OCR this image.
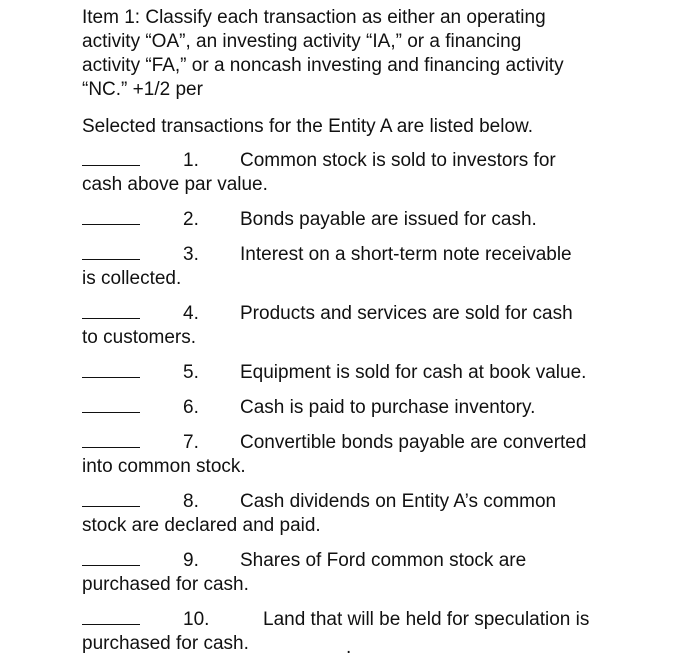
Item 1: Classify each transaction as either an operating
activity “OA”, an investing activity “IA,” or a financing
activity “FA,” or a noncash investing and financing activity
“NC.” +1/2 per
Selected transactions for the Entity A are listed below.
1. Common stock is sold to investors for
cash above par value.
2. Bonds payable are issued for cash.
3. Interest on a short-term note receivable
is collected.
4. Products and services are sold for cash
to customers.
5. Equipment is sold for cash at book value.
6. Cash is paid to purchase inventory.
7. Convertible bonds payable are converted
into common stock.
8. Cash dividends on Entity A’s common
stock are declared and paid.
9. Shares of Ford common stock are
purchased for cash.
10.	Land that will be held for speculation is
purchased for cash.	.
